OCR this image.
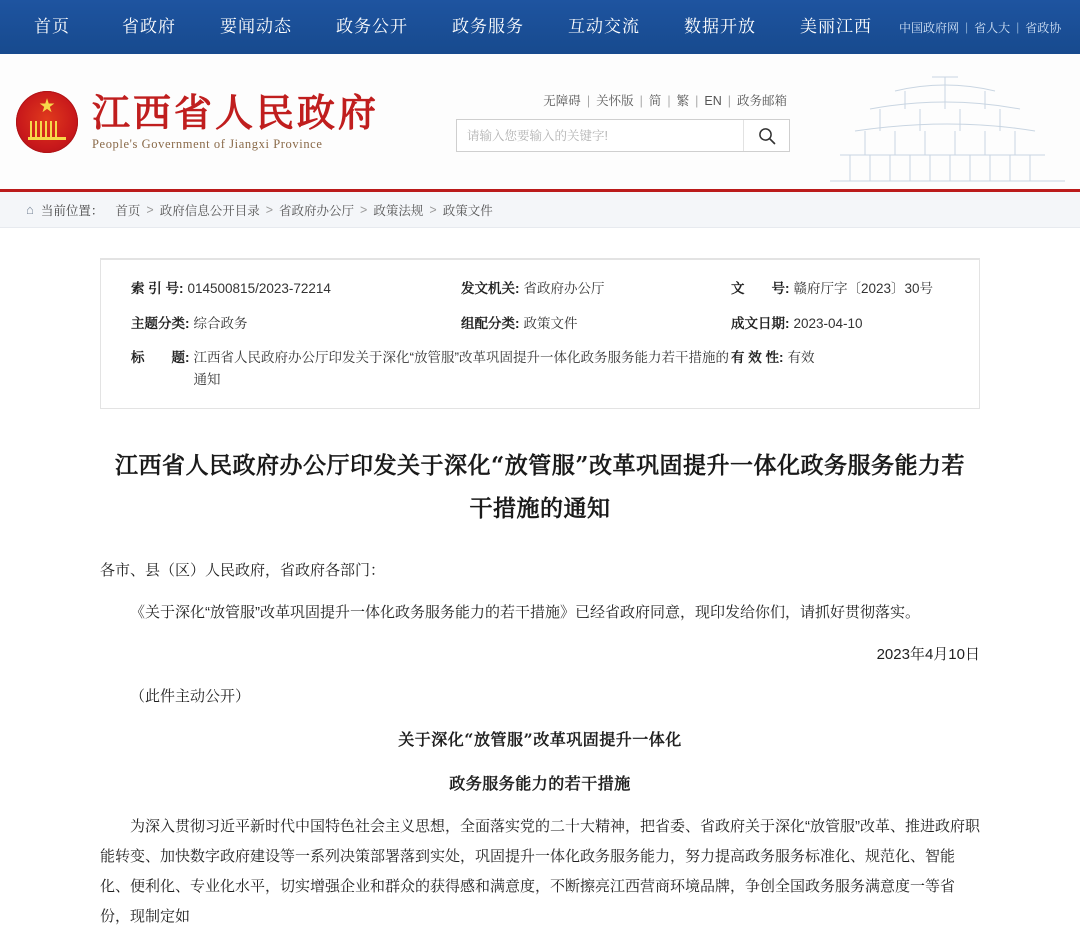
首页	省政府	要闻动态	政务公开	政务服务	互动交流	数据开放	美丽江西	中国政府网 | 省人大 | 省政协
★
江西省人民政府
People's Government of Jiangxi Province
无障碍 | 关怀版 | 简 | 繁 | EN | 政务邮箱
请输入您要输入的关键字!
⌂ 当前位置： 首页 > 政府信息公开目录 > 省政府办公厅 > 政策法规 > 政策文件
索 引 号: 014500815/2023-72214	发文机关: 省政府办公厅	文　　号: 赣府厅字〔2023〕30号
主题分类: 综合政务	组配分类: 政策文件	成文日期: 2023-04-10
标　　题: 江西省人民政府办公厅印发关于深化“放管服”改革巩固提升一体化政务服务能力若干措施的通知
有 效 性: 有效
江西省人民政府办公厅印发关于深化“放管服”改革巩固提升一体化政务服务能力若干措施的通知

各市、县（区）人民政府，省政府各部门：

《关于深化“放管服”改革巩固提升一体化政务服务能力的若干措施》已经省政府同意，现印发给你们，请抓好贯彻落实。

2023年4月10日

（此件主动公开）

关于深化“放管服”改革巩固提升一体化

政务服务能力的若干措施

为深入贯彻习近平新时代中国特色社会主义思想，全面落实党的二十大精神，把省委、省政府关于深化“放管服”改革、推进政府职能转变、加快数字政府建设等一系列决策部署落到实处，巩固提升一体化政务服务能力，努力提高政务服务标准化、规范化、智能化、便利化、专业化水平，切实增强企业和群众的获得感和满意度，不断擦亮江西营商环境品牌，争创全国政务服务满意度一等省份，现制定如
